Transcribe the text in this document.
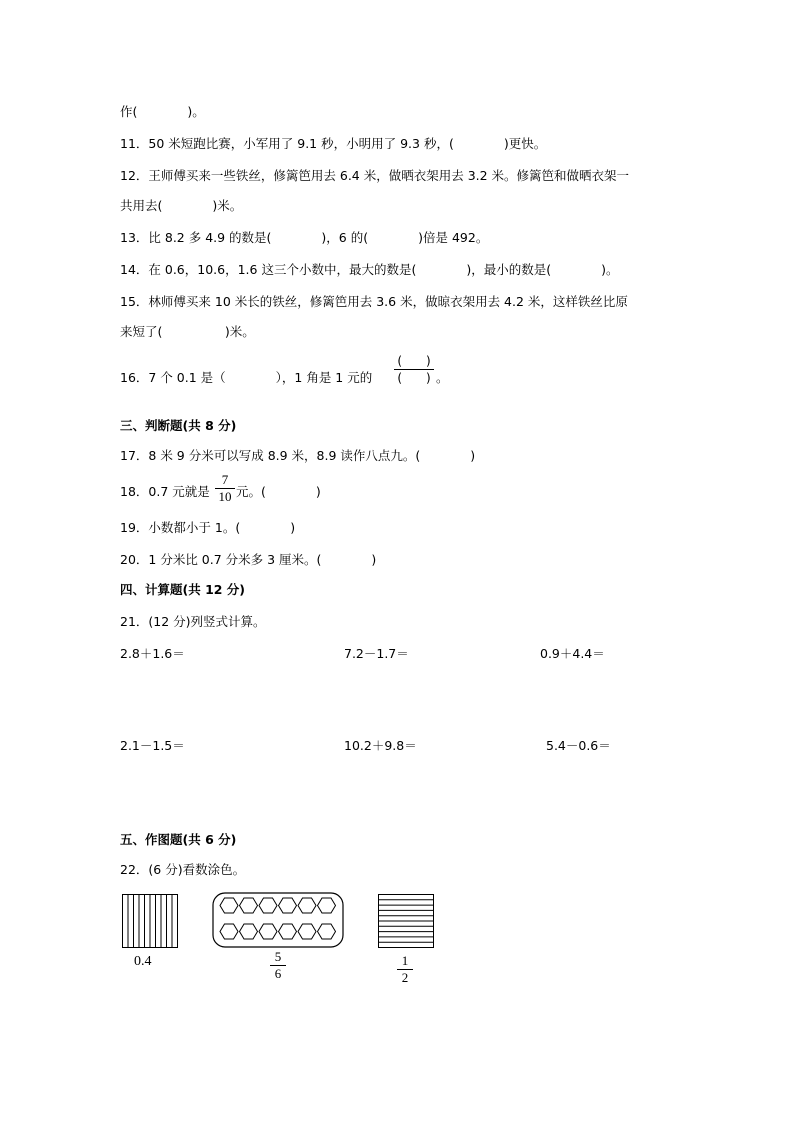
作(　　　　)。
11．50 米短跑比赛，小军用了 9.1 秒，小明用了 9.3 秒，(　　　　)更快。
12．王师傅买来一些铁丝，修篱笆用去 6.4 米，做晒衣架用去 3.2 米。修篱笆和做晒衣架一
共用去(　　　　)米。
13．比 8.2 多 4.9 的数是(　　　　)，6 的(　　　　)倍是 492。
14．在 0.6，10.6，1.6 这三个小数中，最大的数是(　　　　)，最小的数是(　　　　)。
15．林师傅买来 10 米长的铁丝，修篱笆用去 3.6 米，做晾衣架用去 4.2 米，这样铁丝比原
来短了(　　　　　)米。
16．7 个 0.1 是（　　　　），1 角是 1 元的
(　　)
(　　) 。
三、判断题(共 8 分)
17．8 米 9 分米可以写成 8.9 米，8.9 读作八点九。(　　　　)
18．0.7 元就是
7
10 元。(　　　　)
19．小数都小于 1。(　　　　)
20．1 分米比 0.7 分米多 3 厘米。(　　　　)
四、计算题(共 12 分)
21．(12 分)列竖式计算。
2.8＋1.6＝	7.2－1.7＝	0.9＋4.4＝
2.1－1.5＝	10.2＋9.8＝	5.4－0.6＝
五、作图题(共 6 分)
22．(6 分)看数涂色。
0.4	5
6
1
2
